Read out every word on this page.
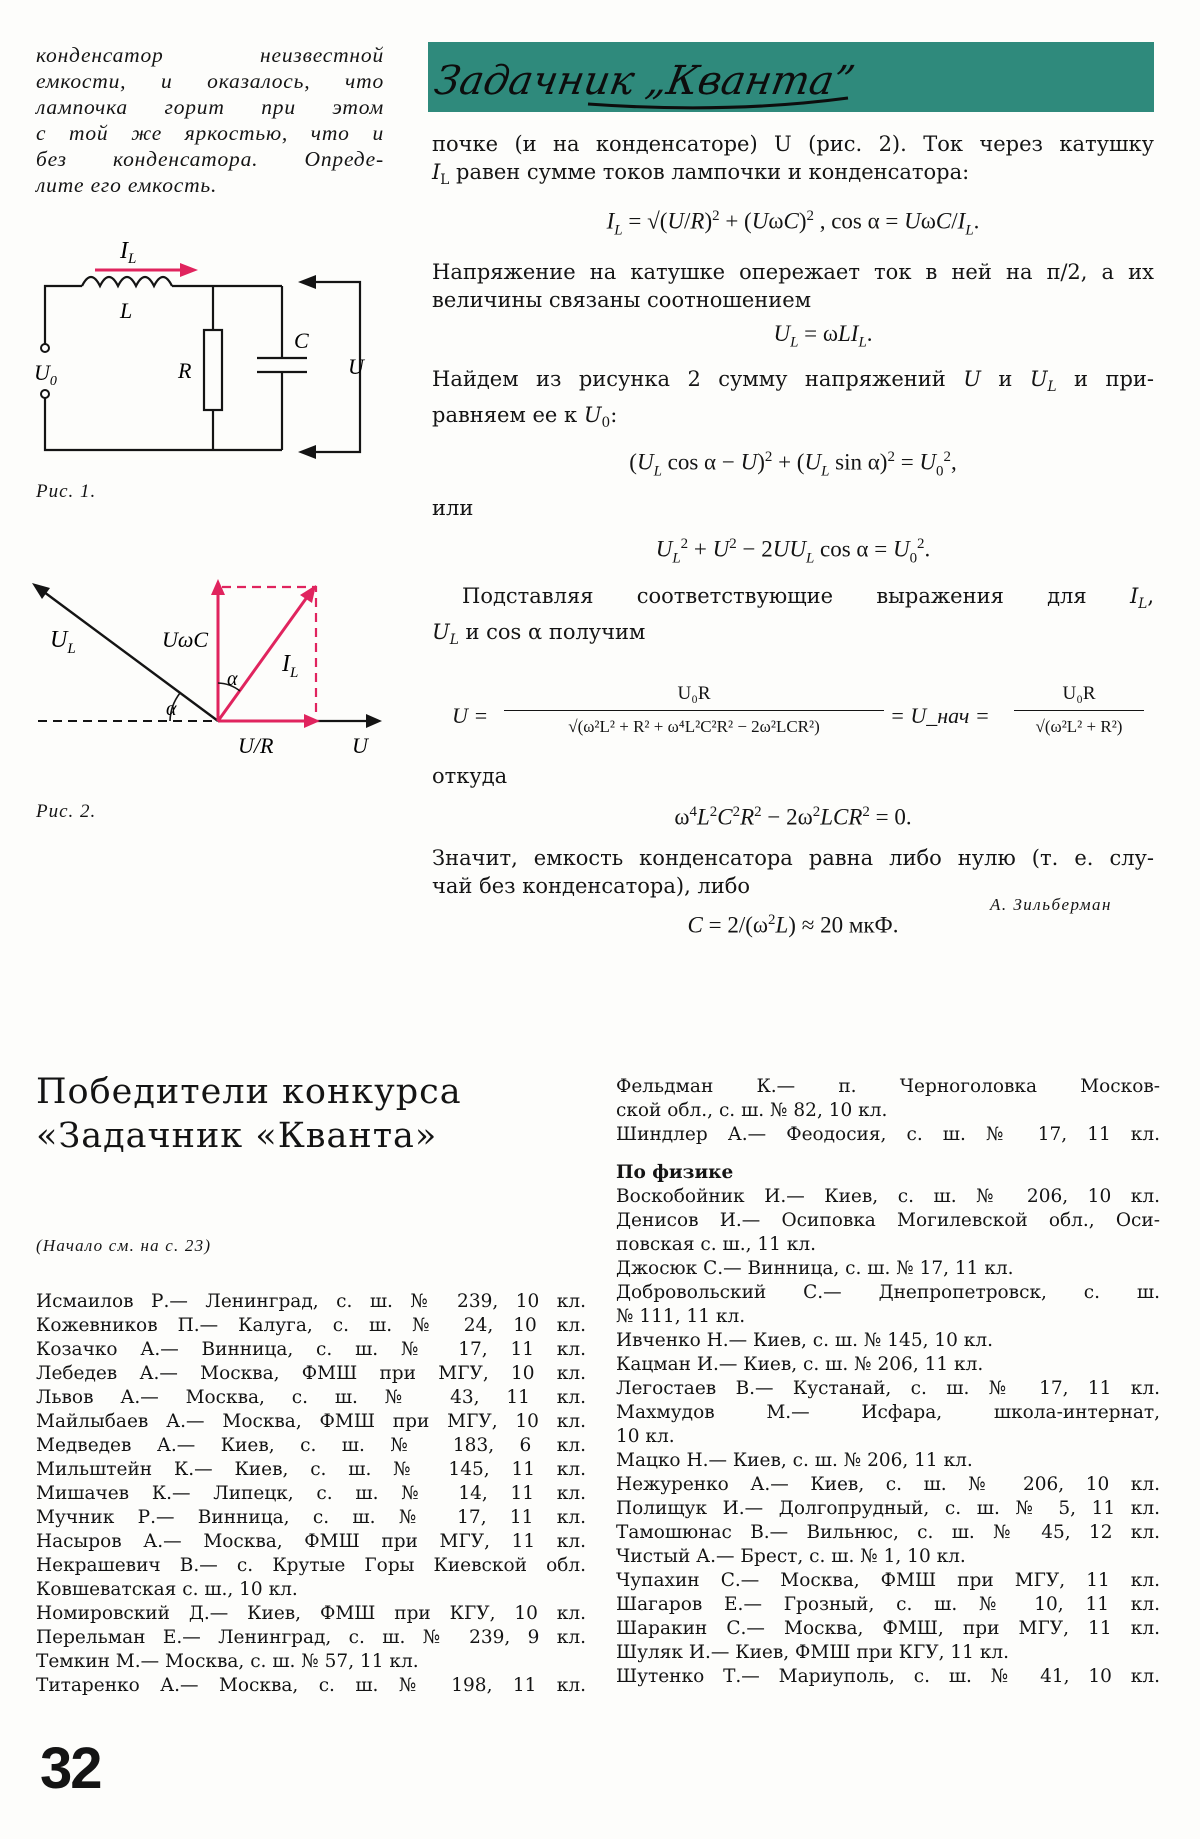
конденсатор неизвестной
емкости, и оказалось, что
лампочка горит при этом
с той же яркостью, что и
без конденсатора. Опреде-
лите его емкость.
$I_L$
L
R
C
$U_0$
U
Рис. 1.
$U_L$	UωC
$I_L$
α
α
U/R	U
Рис. 2.
Задачник „Кванта”

почке (и на конденсаторе) U (рис. 2). Ток через катушку

$I_L$ равен сумме токов лампочки и конденсатора:

$I_L = √(U/R)^2 + (U\omega C)^2$ , cos α = UωC/$I_L$.

Напряжение на катушке опережает ток в ней на π/2, а их

величины связаны соотношением

$U_L = \omega LI_L$.

Найдем из рисунка 2 сумму напряжений U и $U_L$ и при-

равняем ее к $U_0$:

($U_L$ $\cos \alpha - U)^2 + (U_L$ $\sin \alpha)^2 = U_0^2$,

или

$U_L^2 + U^2 - 2UU_L$ $\cos \alpha = U_0^2$.

Подставляя соответствующие выражения для $I_L$,

$U_L$ и cos α получим

U =
U₀R
√(ω²L² + R² + ω⁴L²C²R² − 2ω²LCR²)	= U_нач =
U₀R
√(ω²L² + R²)

откуда

$\omega^4L^2C^2R^2 - 2\omega^2LCR^2 = 0$.

Значит, емкость конденсатора равна либо нулю (т. е. слу-

чай без конденсатора), либо

$C = 2/(\omega^2L) \approx 20$ мкФ.
А. Зильберман
Победители конкурса
«Задачник «Кванта»
(Начало см. на с. 23)
Исмаилов Р.— Ленинград, с. ш. № 239, 10 кл.
Кожевников П.— Калуга, с. ш. № 24, 10 кл.
Козачко А.— Винница, с. ш. № 17, 11 кл.
Лебедев А.— Москва, ФМШ при МГУ, 10 кл.
Львов А.— Москва, с. ш. № 43, 11 кл.
Майлыбаев А.— Москва, ФМШ при МГУ, 10 кл.
Медведев А.— Киев, с. ш. № 183, 6 кл.
Мильштейн К.— Киев, с. ш. № 145, 11 кл.
Мишачев К.— Липецк, с. ш. № 14, 11 кл.
Мучник Р.— Винница, с. ш. № 17, 11 кл.
Насыров А.— Москва, ФМШ при МГУ, 11 кл.
Некрашевич В.— с. Крутые Горы Киевской обл.
Ковшеватская с. ш., 10 кл.
Номировский Д.— Киев, ФМШ при КГУ, 10 кл.
Перельман Е.— Ленинград, с. ш. № 239, 9 кл.
Темкин М.— Москва, с. ш. № 57, 11 кл.
Титаренко А.— Москва, с. ш. № 198, 11 кл.
Фельдман К.— п. Черноголовка Москов-
ской обл., с. ш. № 82, 10 кл.
Шиндлер А.— Феодосия, с. ш. № 17, 11 кл.
По физике
Воскобойник И.— Киев, с. ш. № 206, 10 кл.
Денисов И.— Осиповка Могилевской обл., Оси-
повская с. ш., 11 кл.
Джосюк С.— Винница, с. ш. № 17, 11 кл.
Добровольский С.— Днепропетровск, с. ш.
№ 111, 11 кл.
Ивченко Н.— Киев, с. ш. № 145, 10 кл.
Кацман И.— Киев, с. ш. № 206, 11 кл.
Легостаев В.— Кустанай, с. ш. № 17, 11 кл.
Махмудов М.— Исфара, школа-интернат,
10 кл.
Мацко Н.— Киев, с. ш. № 206, 11 кл.
Нежуренко А.— Киев, с. ш. № 206, 10 кл.
Полищук И.— Долгопрудный, с. ш. № 5, 11 кл.
Тамошюнас В.— Вильнюс, с. ш. № 45, 12 кл.
Чистый А.— Брест, с. ш. № 1, 10 кл.
Чупахин С.— Москва, ФМШ при МГУ, 11 кл.
Шагаров Е.— Грозный, с. ш. № 10, 11 кл.
Шаракин С.— Москва, ФМШ, при МГУ, 11 кл.
Шуляк И.— Киев, ФМШ при КГУ, 11 кл.
Шутенко Т.— Мариуполь, с. ш. № 41, 10 кл.
32
